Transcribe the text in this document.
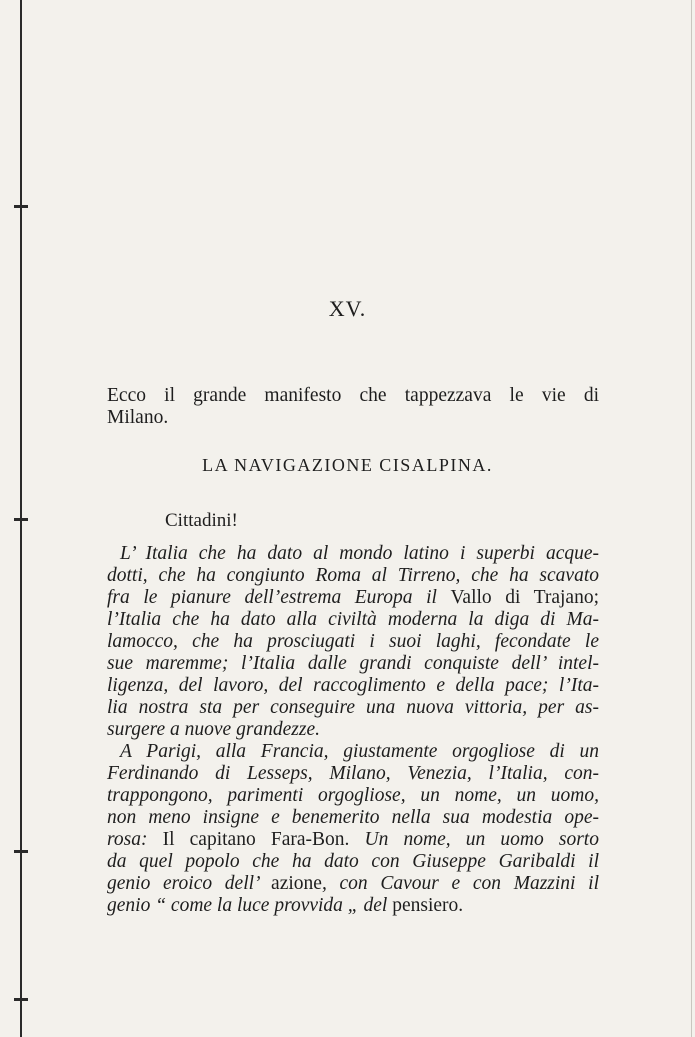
XV.
Ecco il grande manifesto che tappezzava le vie di
Milano.
LA NAVIGAZIONE CISALPINA.
Cittadini!
L’ Italia che ha dato al mondo latino i superbi acque-
dotti, che ha congiunto Roma al Tirreno, che ha scavato
fra le pianure dell’estrema Europa il Vallo di Trajano;
l’Italia che ha dato alla civiltà moderna la diga di Ma-
lamocco, che ha prosciugati i suoi laghi, fecondate le
sue maremme; l’Italia dalle grandi conquiste dell’ intel-
ligenza, del lavoro, del raccoglimento e della pace; l’Ita-
lia nostra sta per conseguire una nuova vittoria, per as-
surgere a nuove grandezze.
A Parigi, alla Francia, giustamente orgogliose di un
Ferdinando di Lesseps, Milano, Venezia, l’Italia, con-
trappongono, parimenti orgogliose, un nome, un uomo,
non meno insigne e benemerito nella sua modestia ope-
rosa: Il capitano Fara-Bon. Un nome, un uomo sorto
da quel popolo che ha dato con Giuseppe Garibaldi il
genio eroico dell’ azione, con Cavour e con Mazzini il
genio “ come la luce provvida „ del pensiero.
